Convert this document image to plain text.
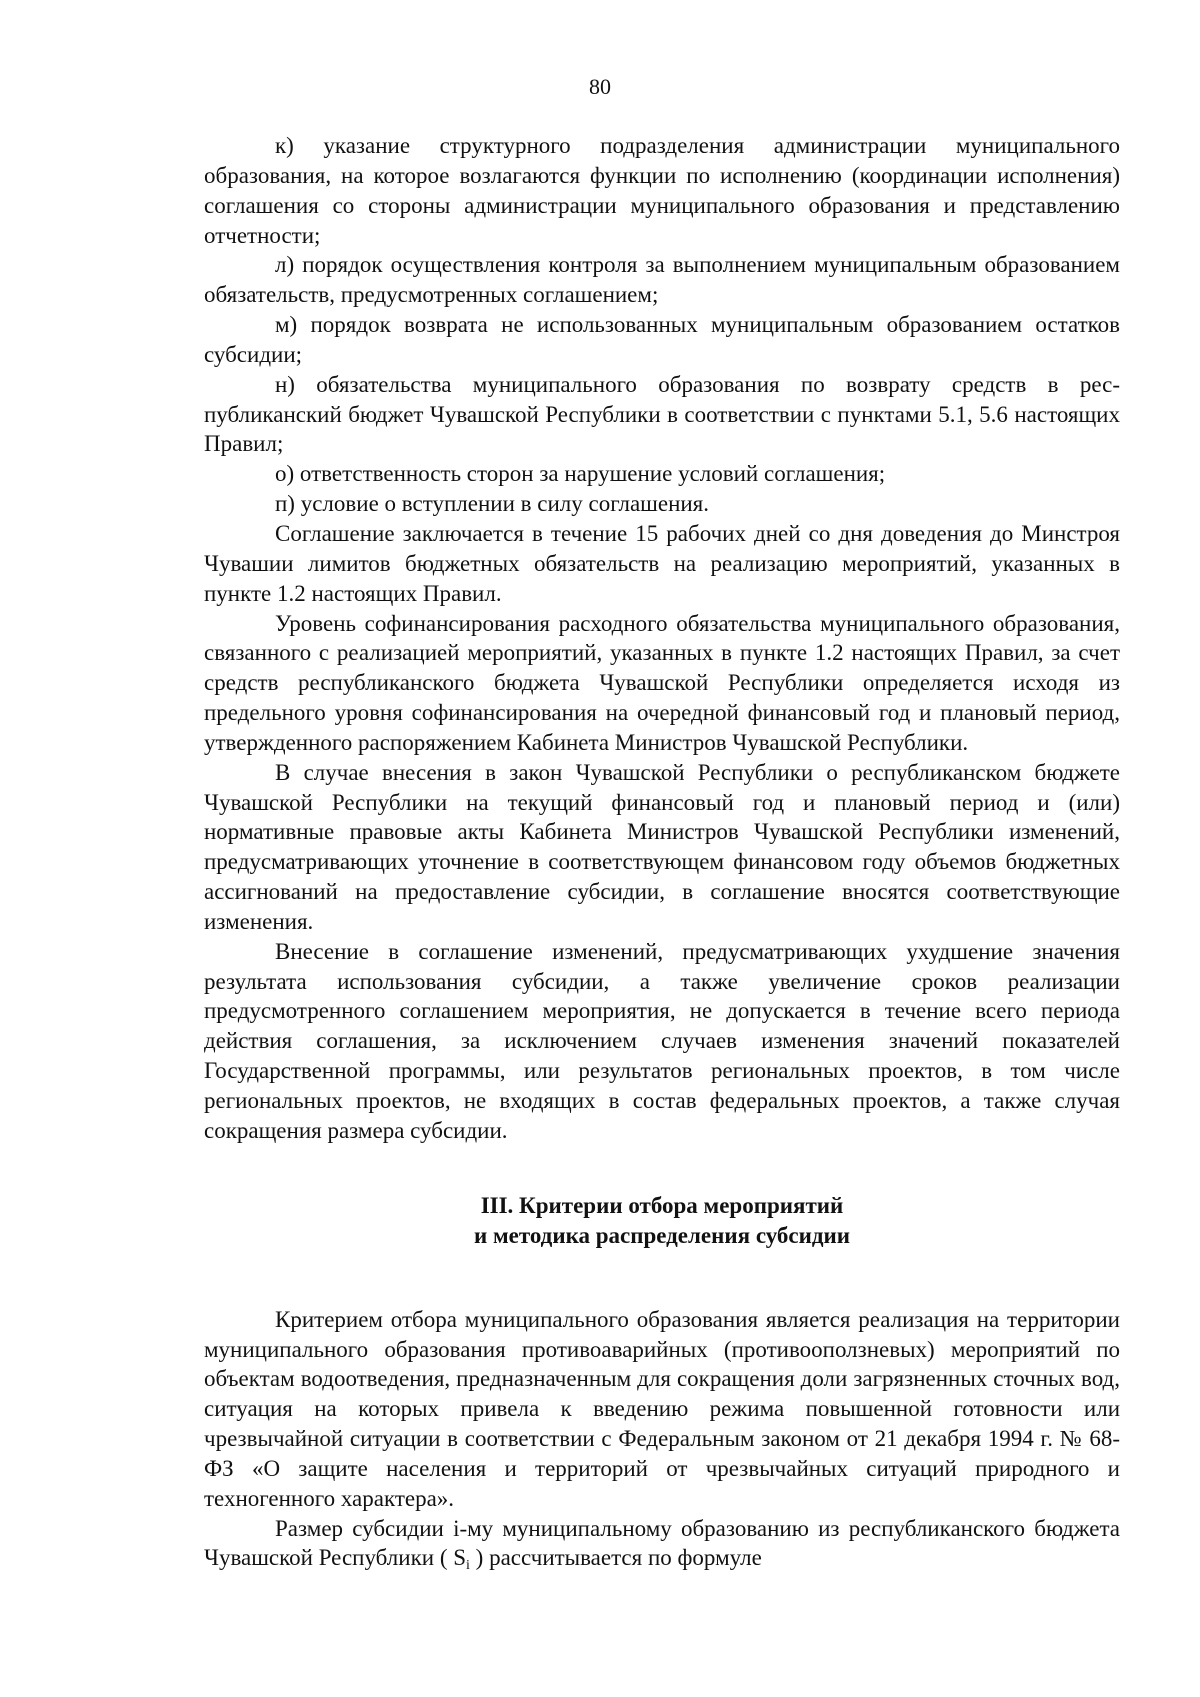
80

к) указание структурного подразделения администрации муниципального образования, на которое возлагаются функции по исполнению (координации исполнения) соглашения со стороны администрации муниципального образования и представлению отчетности;

л) порядок осуществления контроля за выполнением муниципальным образованием обязательств, предусмотренных соглашением;

м) порядок возврата не использованных муниципальным образованием остатков субсидии;

н) обязательства муниципального образования по возврату средств в республиканский бюджет Чувашской Республики в соответствии с пунктами 5.1, 5.6 настоящих Правил;

о) ответственность сторон за нарушение условий соглашения;

п) условие о вступлении в силу соглашения.

Соглашение заключается в течение 15 рабочих дней со дня доведения до Минстроя Чувашии лимитов бюджетных обязательств на реализацию мероприятий, указанных в пункте 1.2 настоящих Правил.

Уровень софинансирования расходного обязательства муниципального образования, связанного с реализацией мероприятий, указанных в пункте 1.2 настоящих Правил, за счет средств республиканского бюджета Чувашской Республики определяется исходя из предельного уровня софинансирования на очередной финансовый год и плановый период, утвержденного распоряжением Кабинета Министров Чувашской Республики.

В случае внесения в закон Чувашской Республики о республиканском бюджете Чувашской Республики на текущий финансовый год и плановый период и (или) нормативные правовые акты Кабинета Министров Чувашской Республики изменений, предусматривающих уточнение в соответствующем финансовом году объемов бюджетных ассигнований на предоставление субсидии, в соглашение вносятся соответствующие изменения.

Внесение в соглашение изменений, предусматривающих ухудшение значения результата использования субсидии, а также увеличение сроков реализации предусмотренного соглашением мероприятия, не допускается в течение всего периода действия соглашения, за исключением случаев изменения значений показателей Государственной программы, или результатов региональных проектов, в том числе региональных проектов, не входящих в состав федеральных проектов, а также случая сокращения размера субсидии.

III. Критерии отбора мероприятий
и методика распределения субсидии

Критерием отбора муниципального образования является реализация на территории муниципального образования противоаварийных (противооползневых) мероприятий по объектам водоотведения, предназначенным для сокращения доли загрязненных сточных вод, ситуация на которых привела к введению режима повышенной готовности или чрезвычайной ситуации в соответствии с Федеральным законом от 21 декабря 1994 г. № 68-ФЗ «О защите населения и территорий от чрезвычайных ситуаций природного и техногенного характера».

Размер субсидии i-му муниципальному образованию из республиканского бюджета Чувашской Республики ( $S_i$ ) рассчитывается по формуле
